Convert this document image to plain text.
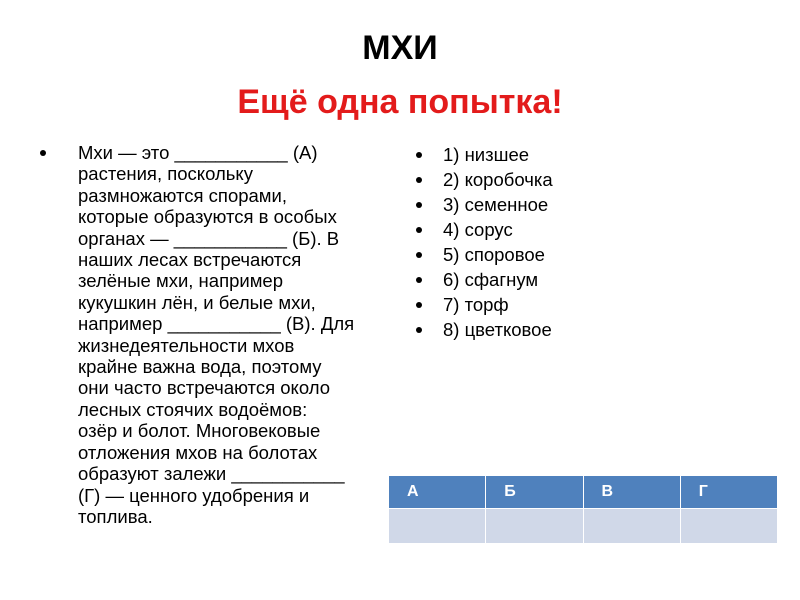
МХИ
Ещё одна попытка!
Мхи — это ___________ (А)
растения, поскольку
размножаются спорами,
которые образуются в особых
органах — ___________ (Б). В
наших лесах встречаются
зелёные мхи, например
кукушкин лён, и белые мхи,
например ___________ (В). Для
жизнедеятельности мхов
крайне важна вода, поэтому
они часто встречаются около
лесных стоячих водоёмов:
озёр и болот. Многовековые
отложения мхов на болотах
образуют залежи ___________
(Г) — ценного удобрения и
топлива.
1) низшее
2) коробочка
3) семенное
4) сорус
5) споровое
6) сфагнум
7) торф
8) цветковое
А	Б	В	Г
